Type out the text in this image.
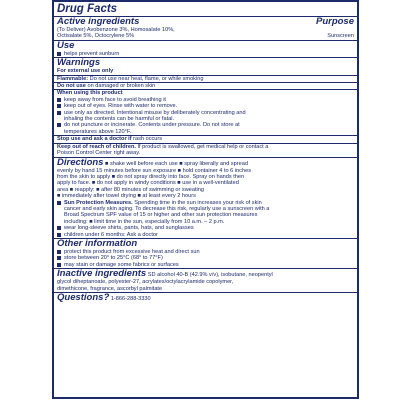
Drug Facts
Active ingredients	Purpose
(To Deliver) Avobenzone 3%, Homosalate 10%,
Octisalate 5%, Octocrylene 5%	Sunscreen
Use
helps prevent sunburn
Warnings
For external use only
Flammable: Do not use near heat, flame, or while smoking
Do not use on damaged or broken skin
When using this product
keep away from face to avoid breathing it
keep out of eyes. Rinse with water to remove.
use only as directed. Intentional misuse by deliberately concentrating and
inhaling the contents can be harmful or fatal.
do not puncture or incinerate. Contents under pressure. Do not store at
temperatures above 120°F.
Stop use and ask a doctor if rash occurs
Keep out of reach of children. If product is swallowed, get medical help or contact a
Poison Control Center right away.
Directions ■ shake well before each use ■ spray liberally and spread
evenly by hand 15 minutes before sun exposure ■ hold container 4 to 6 inches
from the skin to apply ■ do not spray directly into face. Spray on hands then
apply to face. ■ do not apply in windy conditions ■ use in a well-ventilated
area ■ reapply: ■ after 80 minutes of swimming or sweating
■ immediately after towel drying ■ at least every 2 hours
Sun Protection Measures. Spending time in the sun increases your risk of skin
cancer and early skin aging. To decrease this risk, regularly use a sunscreen with a
Broad Spectrum SPF value of 15 or higher and other sun protection measures
including: ■ limit time in the sun, especially from 10 a.m. – 2 p.m.
wear long-sleeve shirts, pants, hats, and sunglasses
children under 6 months: Ask a doctor
Other information
protect this product from excessive heat and direct sun
store between 20° to 25°C (68° to 77°F)
may stain or damage some fabrics or surfaces
Inactive ingredients SD alcohol 40-B (42.9% v/v), isobutane, neopentyl
glycol diheptanoate, polyester-27, acrylates/octylacrylamide copolymer,
dimethicone, fragrance, ascorbyl palmitate
Questions? 1-866-288-3330
